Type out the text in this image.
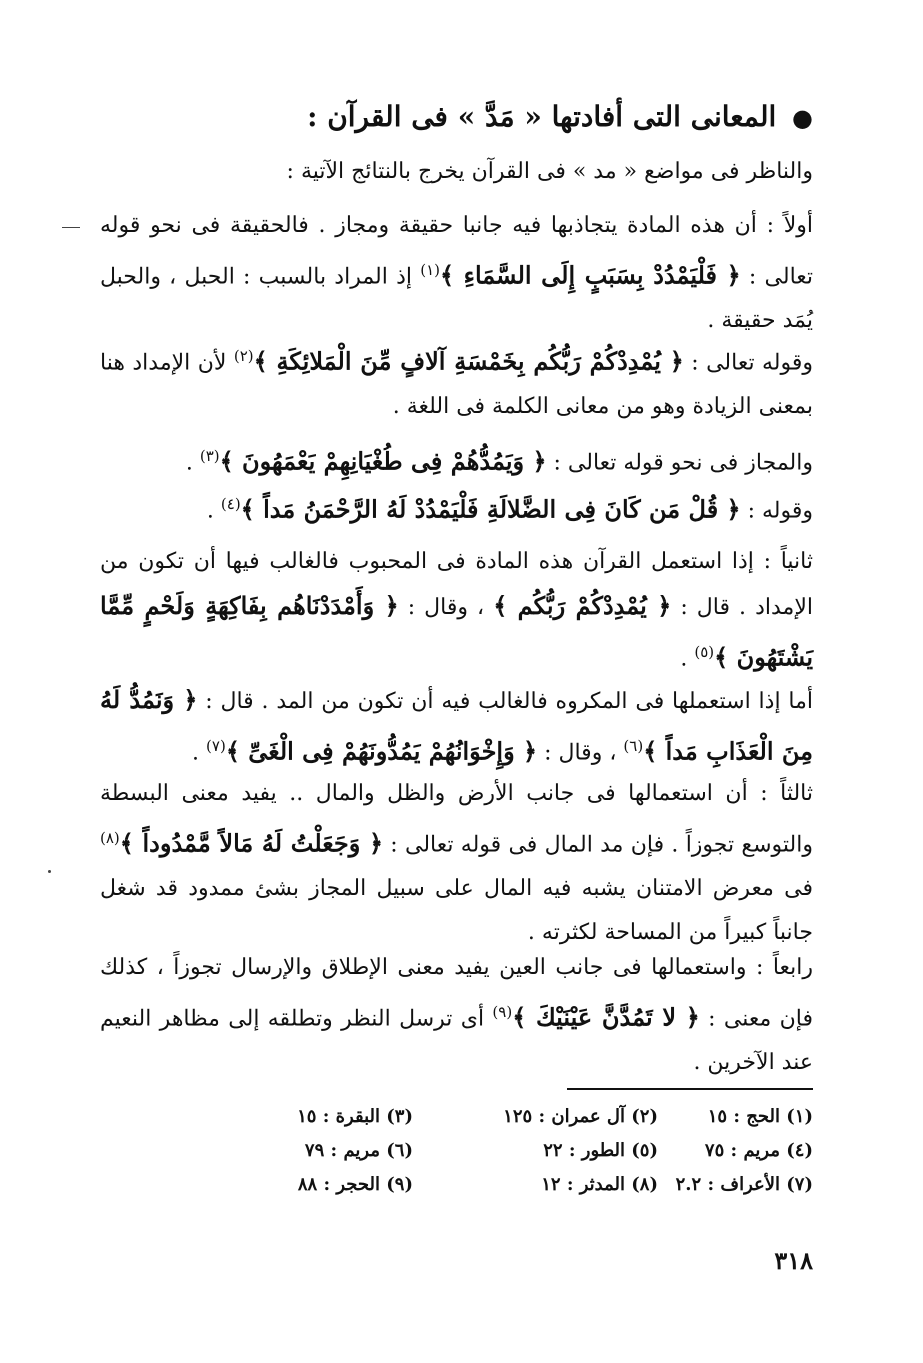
● المعانى التى أفادتها « مَدَّ » فى القرآن :

والناظر فى مواضع « مد » فى القرآن يخرج بالنتائج الآتية :

أولاً : أن هذه المادة يتجاذبها فيه جانبا حقيقة ومجاز . فالحقيقة فى نحو قوله تعالى : ﴿ فَلْيَمْدُدْ بِسَبَبٍ إِلَى السَّمَاءِ ﴾$^{(١)}$ إذ المراد بالسبب : الحبل ، والحبل يُمَد حقيقة .

وقوله تعالى : ﴿ يُمْدِدْكُمْ رَبُّكُم بِخَمْسَةِ آلافٍ مِّنَ الْمَلائِكَةِ ﴾$^{(٢)}$ لأن الإمداد هنا بمعنى الزيادة وهو من معانى الكلمة فى اللغة .

والمجاز فى نحو قوله تعالى : ﴿ وَيَمُدُّهُمْ فِى طُغْيَانِهِمْ يَعْمَهُونَ ﴾$^{(٣)}$ .

وقوله : ﴿ قُلْ مَن كَانَ فِى الضَّلالَةِ فَلْيَمْدُدْ لَهُ الرَّحْمَنُ مَداً ﴾$^{(٤)}$ .

ثانياً : إذا استعمل القرآن هذه المادة فى المحبوب فالغالب فيها أن تكون من الإمداد . قال : ﴿ يُمْدِدْكُمْ رَبُّكُم ﴾ ، وقال : ﴿ وَأَمْدَدْنَاهُم بِفَاكِهَةٍ وَلَحْمٍ مِّمَّا يَشْتَهُونَ ﴾$^{(٥)}$ .

أما إذا استعملها فى المكروه فالغالب فيه أن تكون من المد . قال : ﴿ وَنَمُدُّ لَهُ مِنَ الْعَذَابِ مَداً ﴾$^{(٦)}$ ، وقال : ﴿ وَإِخْوَانُهُمْ يَمُدُّونَهُمْ فِى الْغَىِّ ﴾$^{(٧)}$ .

ثالثاً : أن استعمالها فى جانب الأرض والظل والمال .. يفيد معنى البسطة والتوسع تجوزاً . فإن مد المال فى قوله تعالى : ﴿ وَجَعَلْتُ لَهُ مَالاً مَّمْدُوداً ﴾$^{(٨)}$ فى معرض الامتنان يشبه فيه المال على سبيل المجاز بشئ ممدود قد شغل جانباً كبيراً من المساحة لكثرته .

رابعاً : واستعمالها فى جانب العين يفيد معنى الإطلاق والإرسال تجوزاً ، كذلك فإن معنى : ﴿ لا تَمُدَّنَّ عَيْنَيْكَ ﴾$^{(٩)}$ أى ترسل النظر وتطلقه إلى مظاهر النعيم عند الآخرين .

(١) الحج : ١٥
(٢) آل عمران : ١٢٥
(٣) البقرة : ١٥
(٤) مريم : ٧٥
(٥) الطور : ٢٢
(٦) مريم : ٧٩
(٧) الأعراف : ٢.٢
(٨) المدثر : ١٢
(٩) الحجر : ٨٨
٣١٨
